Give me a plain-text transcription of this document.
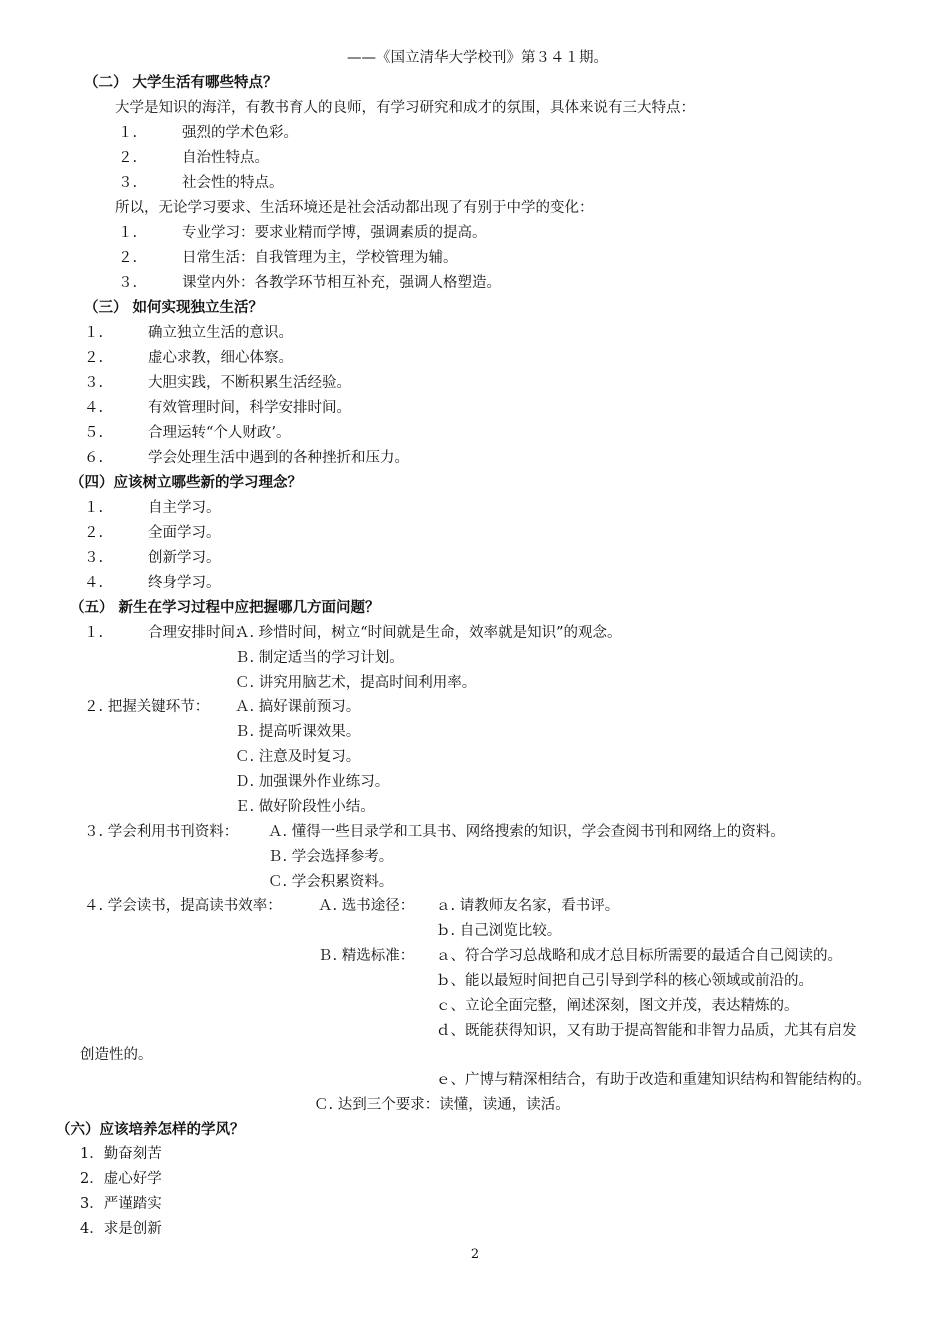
——《国立清华大学校刊》第３４１期。

（二） 大学生活有哪些特点？

大学是知识的海洋，有教书育人的良师，有学习研究和成才的氛围，具体来说有三大特点：

１.	强烈的学术色彩。

２.	自治性特点。

３.	社会性的特点。

所以，无论学习要求、生活环境还是社会活动都出现了有别于中学的变化：

１.	专业学习：要求业精而学博，强调素质的提高。

２.	日常生活：自我管理为主，学校管理为辅。

３.	课堂内外：各教学环节相互补充，强调人格塑造。

（三） 如何实现独立生活？

１.	确立独立生活的意识。

２.	虚心求教，细心体察。

３.	大胆实践，不断积累生活经验。

４.	有效管理时间，科学安排时间。

５.	合理运转“个人财政’。

６.	学会处理生活中遇到的各种挫折和压力。

（四）应该树立哪些新的学习理念？

１.	自主学习。

２.	全面学习。

３.	创新学习。

４.	终身学习。

（五） 新生在学习过程中应把握哪几方面问题？

１.	合理安排时间：

Ａ. 珍惜时间，树立“时间就是生命，效率就是知识”的观念。

Ｂ. 制定适当的学习计划。

Ｃ. 讲究用脑艺术，提高时间利用率。

２. 把握关键环节： Ａ. 搞好课前预习。

Ｂ. 提高听课效果。

Ｃ. 注意及时复习。

Ｄ. 加强课外作业练习。

Ｅ. 做好阶段性小结。

３. 学会利用书刊资料： Ａ. 懂得一些目录学和工具书、网络搜索的知识，学会查阅书刊和网络上的资料。

Ｂ. 学会选择参考。

Ｃ. 学会积累资料。

４. 学会读书，提高读书效率：	Ａ. 选书途径： ａ. 请教师友名家，看书评。

ｂ. 自己浏览比较。

Ｂ. 精选标准： ａ、符合学习总战略和成才总目标所需要的最适合自己阅读的。

ｂ、能以最短时间把自己引导到学科的核心领域或前沿的。

ｃ、立论全面完整，阐述深刻，图文并茂，表达精炼的。

ｄ、既能获得知识，又有助于提高智能和非智力品质，尤其有启发

创造性的。

ｅ、广博与精深相结合，有助于改造和重建知识结构和智能结构的。

Ｃ. 达到三个要求：读懂，读通，读活。

（六）应该培养怎样的学风？

1．勤奋刻苦

2．虚心好学

3．严谨踏实

4．求是创新

2
